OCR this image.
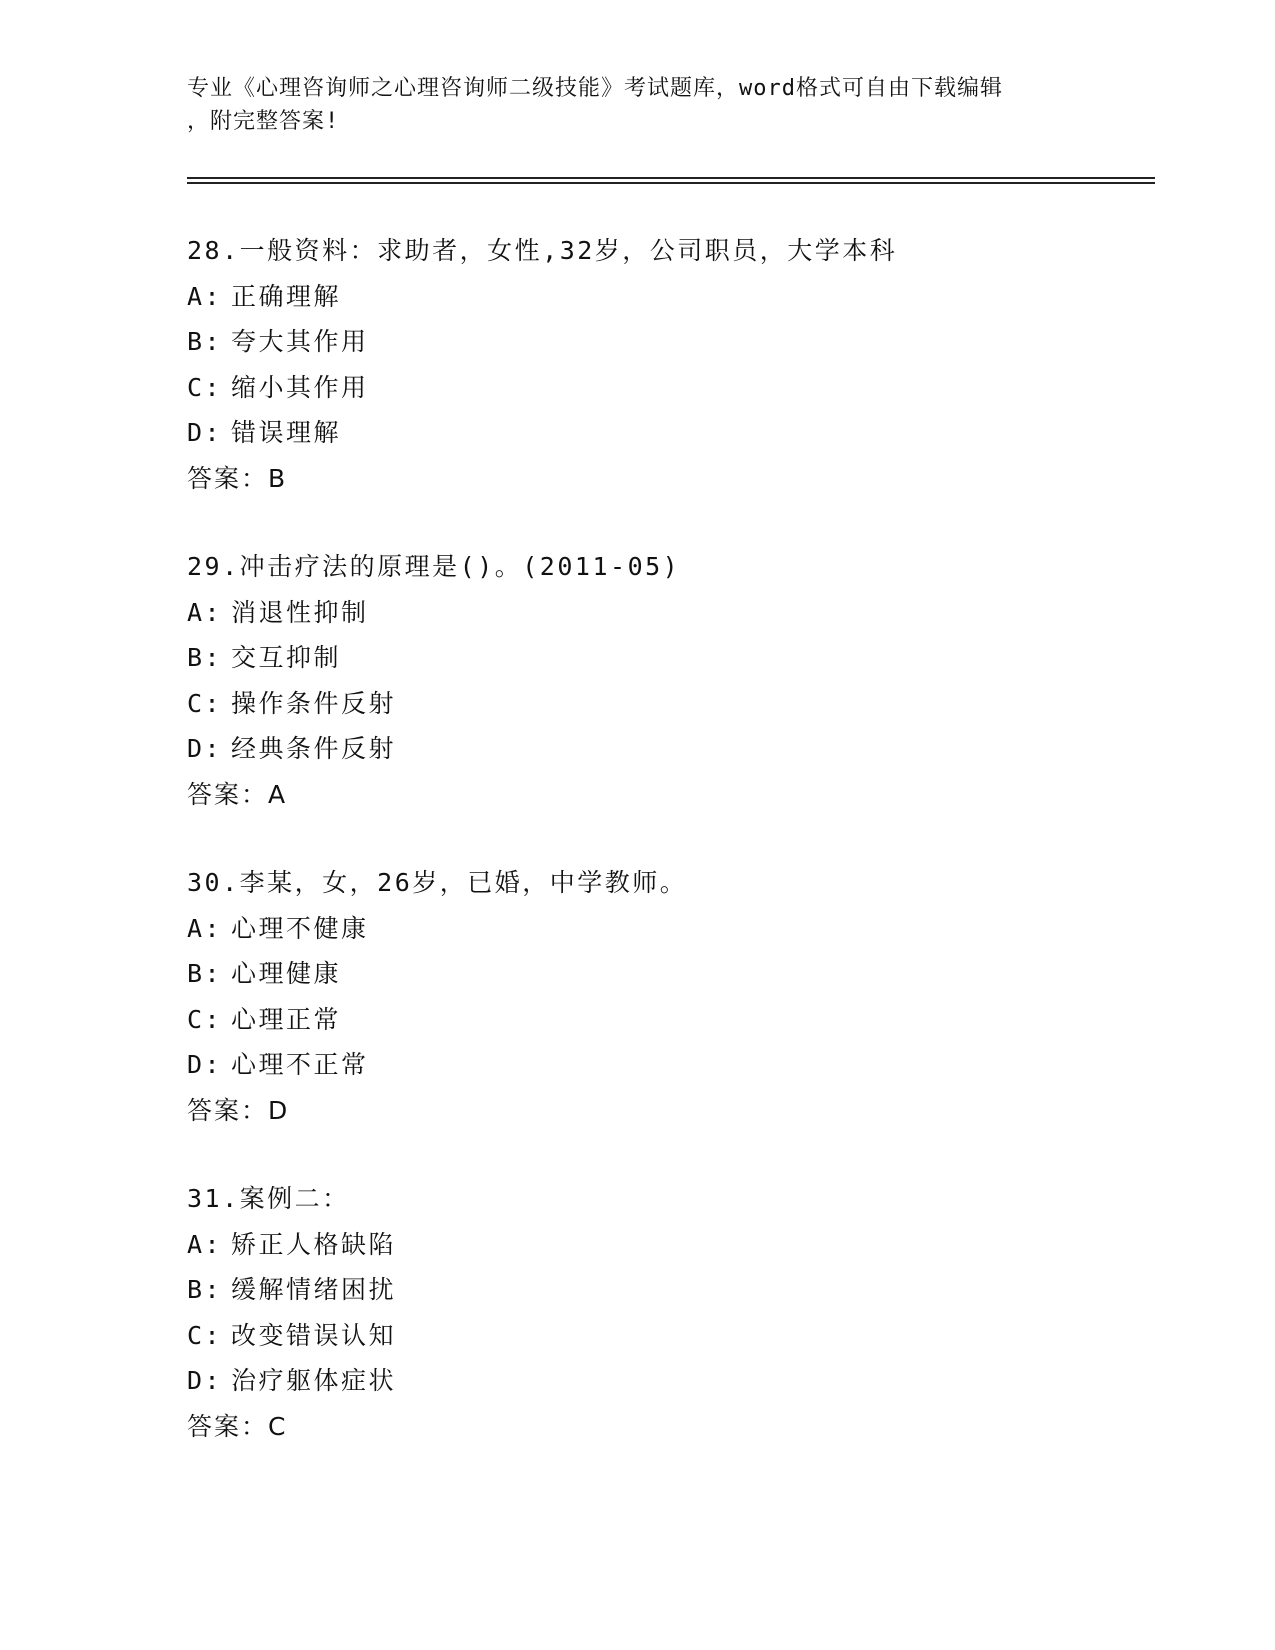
专业《心理咨询师之心理咨询师二级技能》考试题库，word格式可自由下载编辑
，附完整答案!
28.一般资料：求助者，女性,32岁，公司职员，大学本科
A: 正确理解
B: 夸大其作用
C: 缩小其作用
D: 错误理解
答案：B
29.冲击疗法的原理是()。(2011-05)
A: 消退性抑制
B: 交互抑制
C: 操作条件反射
D: 经典条件反射
答案：A
30.李某，女，26岁，已婚，中学教师。
A: 心理不健康
B: 心理健康
C: 心理正常
D: 心理不正常
答案：D
31.案例二：
A: 矫正人格缺陷
B: 缓解情绪困扰
C: 改变错误认知
D: 治疗躯体症状
答案：C
